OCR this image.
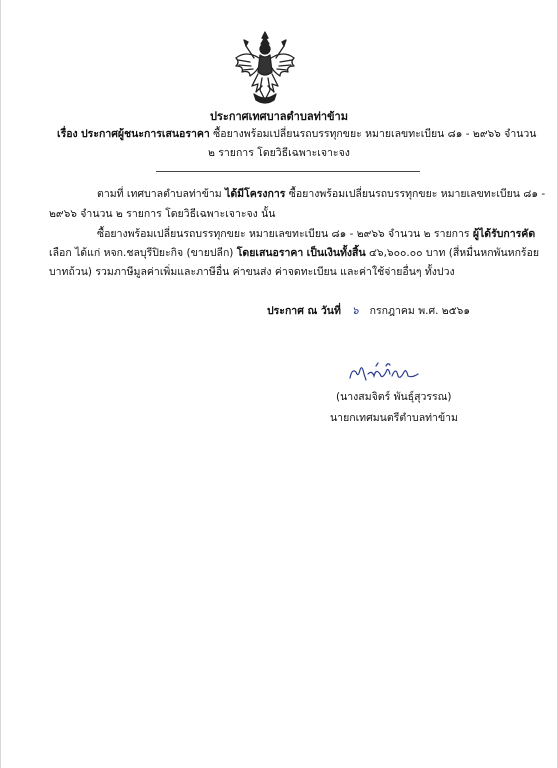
ประกาศเทศบาลตำบลท่าข้าม
เรื่อง ประกาศผู้ชนะการเสนอราคา ซื้อยางพร้อมเปลี่ยนรถบรรทุกขยะ หมายเลขทะเบียน ๘๑ - ๒๙๖๖ จำนวน
๒ รายการ โดยวิธีเฉพาะเจาะจง
ตามที่ เทศบาลตำบลท่าข้าม ได้มีโครงการ ซื้อยางพร้อมเปลี่ยนรถบรรทุกขยะ หมายเลขทะเบียน ๘๑ -
๒๙๖๖ จำนวน ๒ รายการ โดยวิธีเฉพาะเจาะจง นั้น
ซื้อยางพร้อมเปลี่ยนรถบรรทุกขยะ หมายเลขทะเบียน ๘๑ - ๒๙๖๖ จำนวน ๒ รายการ ผู้ได้รับการคัด
เลือก ได้แก่ หจก.ชลบุรีปิยะกิจ (ขายปลีก) โดยเสนอราคา เป็นเงินทั้งสิ้น ๔๖,๖๐๐.๐๐ บาท (สี่หมื่นหกพันหกร้อย
บาทถ้วน) รวมภาษีมูลค่าเพิ่มและภาษีอื่น ค่าขนส่ง ค่าจดทะเบียน และค่าใช้จ่ายอื่นๆ ทั้งปวง
ประกาศ ณ วันที่ ๖ กรกฎาคม พ.ศ. ๒๕๖๑
(นางสมจิตร์ พันธุ์สุวรรณ)
นายกเทศมนตรีตำบลท่าข้าม
